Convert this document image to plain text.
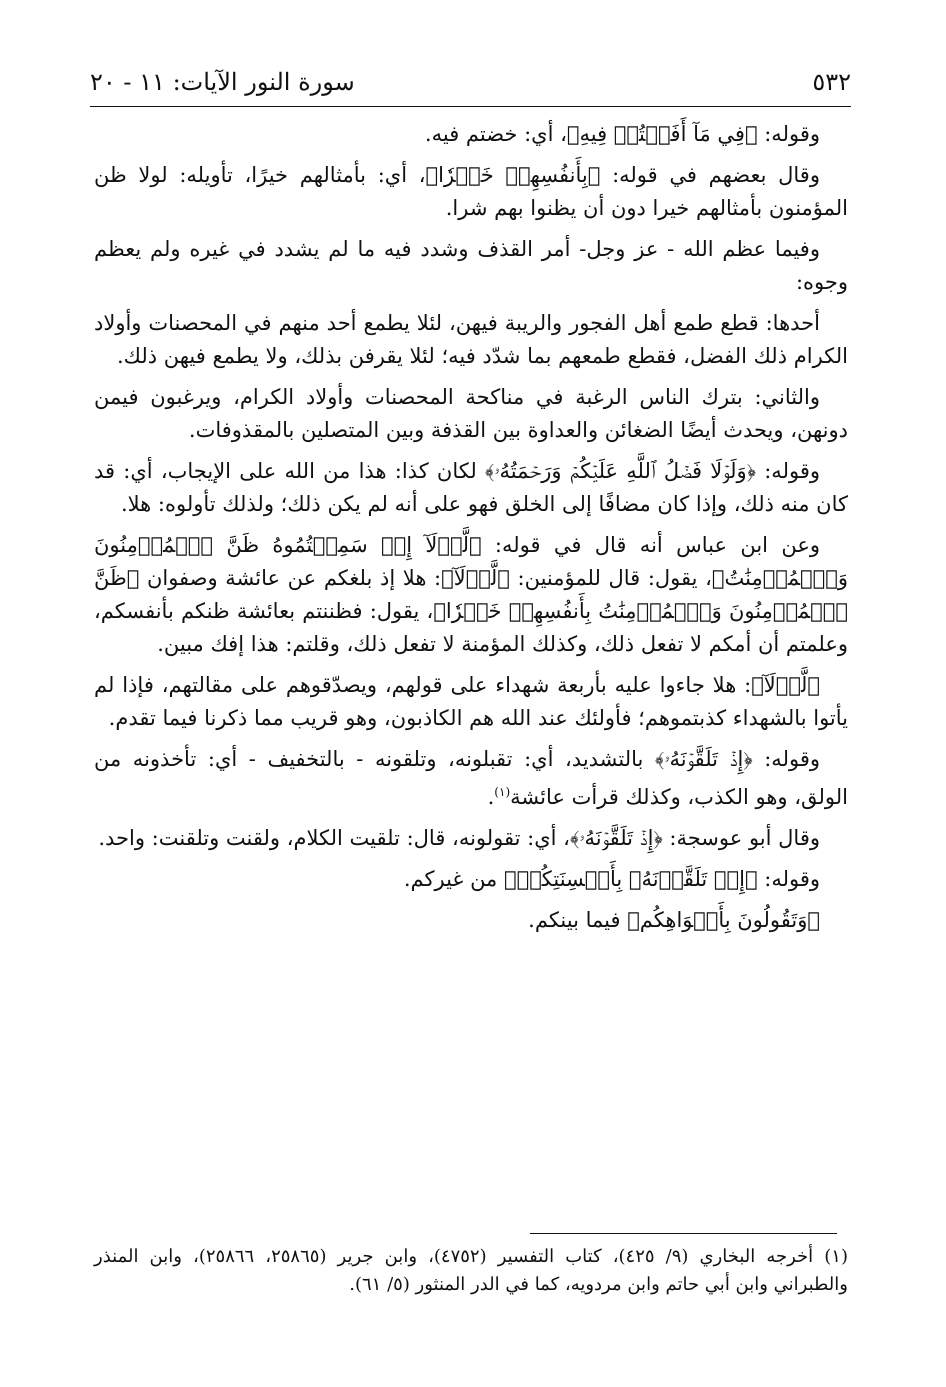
٥٣٢
سورة النور الآيات: ١١ - ٢٠

وقوله: ﴿فِي مَآ أَفَضۡتُمۡ فِيهِ﴾، أي: خضتم فيه.

وقال بعضهم في قوله: ﴿بِأَنفُسِهِمۡ خَيۡرٗا﴾، أي: بأمثالهم خيرًا، تأويله: لولا ظن المؤمنون بأمثالهم خيرا دون أن يظنوا بهم شرا.

وفيما عظم الله - عز وجل- أمر القذف وشدد فيه ما لم يشدد في غيره ولم يعظم وجوه:

أحدها: قطع طمع أهل الفجور والريبة فيهن، لئلا يطمع أحد منهم في المحصنات وأولاد الكرام ذلك الفضل، فقطع طمعهم بما شدّد فيه؛ لئلا يقرفن بذلك، ولا يطمع فيهن ذلك.

والثاني: بترك الناس الرغبة في مناكحة المحصنات وأولاد الكرام، ويرغبون فيمن دونهن، ويحدث أيضًا الضغائن والعداوة بين القذفة وبين المتصلين بالمقذوفات.

وقوله: ﴿وَلَوۡلَا فَضۡلُ ٱللَّهِ عَلَيۡكُمۡ وَرَحۡمَتُهُۥ﴾ لكان كذا: هذا من الله على الإيجاب، أي: قد كان منه ذلك، وإذا كان مضافًا إلى الخلق فهو على أنه لم يكن ذلك؛ ولذلك تأولوه: هلا.

وعن ابن عباس أنه قال في قوله: ﴿لَّوۡلَآ إِذۡ سَمِعۡتُمُوهُ ظَنَّ ٱلۡمُؤۡمِنُونَ وَٱلۡمُؤۡمِنَٰتُ﴾، يقول: قال للمؤمنين: ﴿لَّوۡلَآ﴾: هلا إذ بلغكم عن عائشة وصفوان ﴿ظَنَّ ٱلۡمُؤۡمِنُونَ وَٱلۡمُؤۡمِنَٰتُ بِأَنفُسِهِمۡ خَيۡرٗا﴾، يقول: فظننتم بعائشة ظنكم بأنفسكم، وعلمتم أن أمكم لا تفعل ذلك، وكذلك المؤمنة لا تفعل ذلك، وقلتم: هذا إفك مبين.

﴿لَّوۡلَآ﴾: هلا جاءوا عليه بأربعة شهداء على قولهم، ويصدّقوهم على مقالتهم، فإذا لم يأتوا بالشهداء كذبتموهم؛ فأولئك عند الله هم الكاذبون، وهو قريب مما ذكرنا فيما تقدم.

وقوله: ﴿إِذۡ تَلَقَّوۡنَهُۥ﴾ بالتشديد، أي: تقبلونه، وتلقونه - بالتخفيف - أي: تأخذونه من الولق، وهو الكذب، وكذلك قرأت عائشة$^{(١)}$.

وقال أبو عوسجة: ﴿إِذۡ تَلَقَّوۡنَهُۥ﴾، أي: تقولونه، قال: تلقيت الكلام، ولقنت وتلقنت: واحد.

وقوله: ﴿إِذۡ تَلَقَّوۡنَهُۥ بِأَلۡسِنَتِكُمۡ﴾ من غيركم.

﴿وَتَقُولُونَ بِأَفۡوَاهِكُم﴾ فيما بينكم.

(١) أخرجه البخاري (٩/ ٤٢٥)، كتاب التفسير (٤٧٥٢)، وابن جرير (٢٥٨٦٥، ٢٥٨٦٦)، وابن المنذر والطبراني وابن أبي حاتم وابن مردويه، كما في الدر المنثور (٥/ ٦١).
